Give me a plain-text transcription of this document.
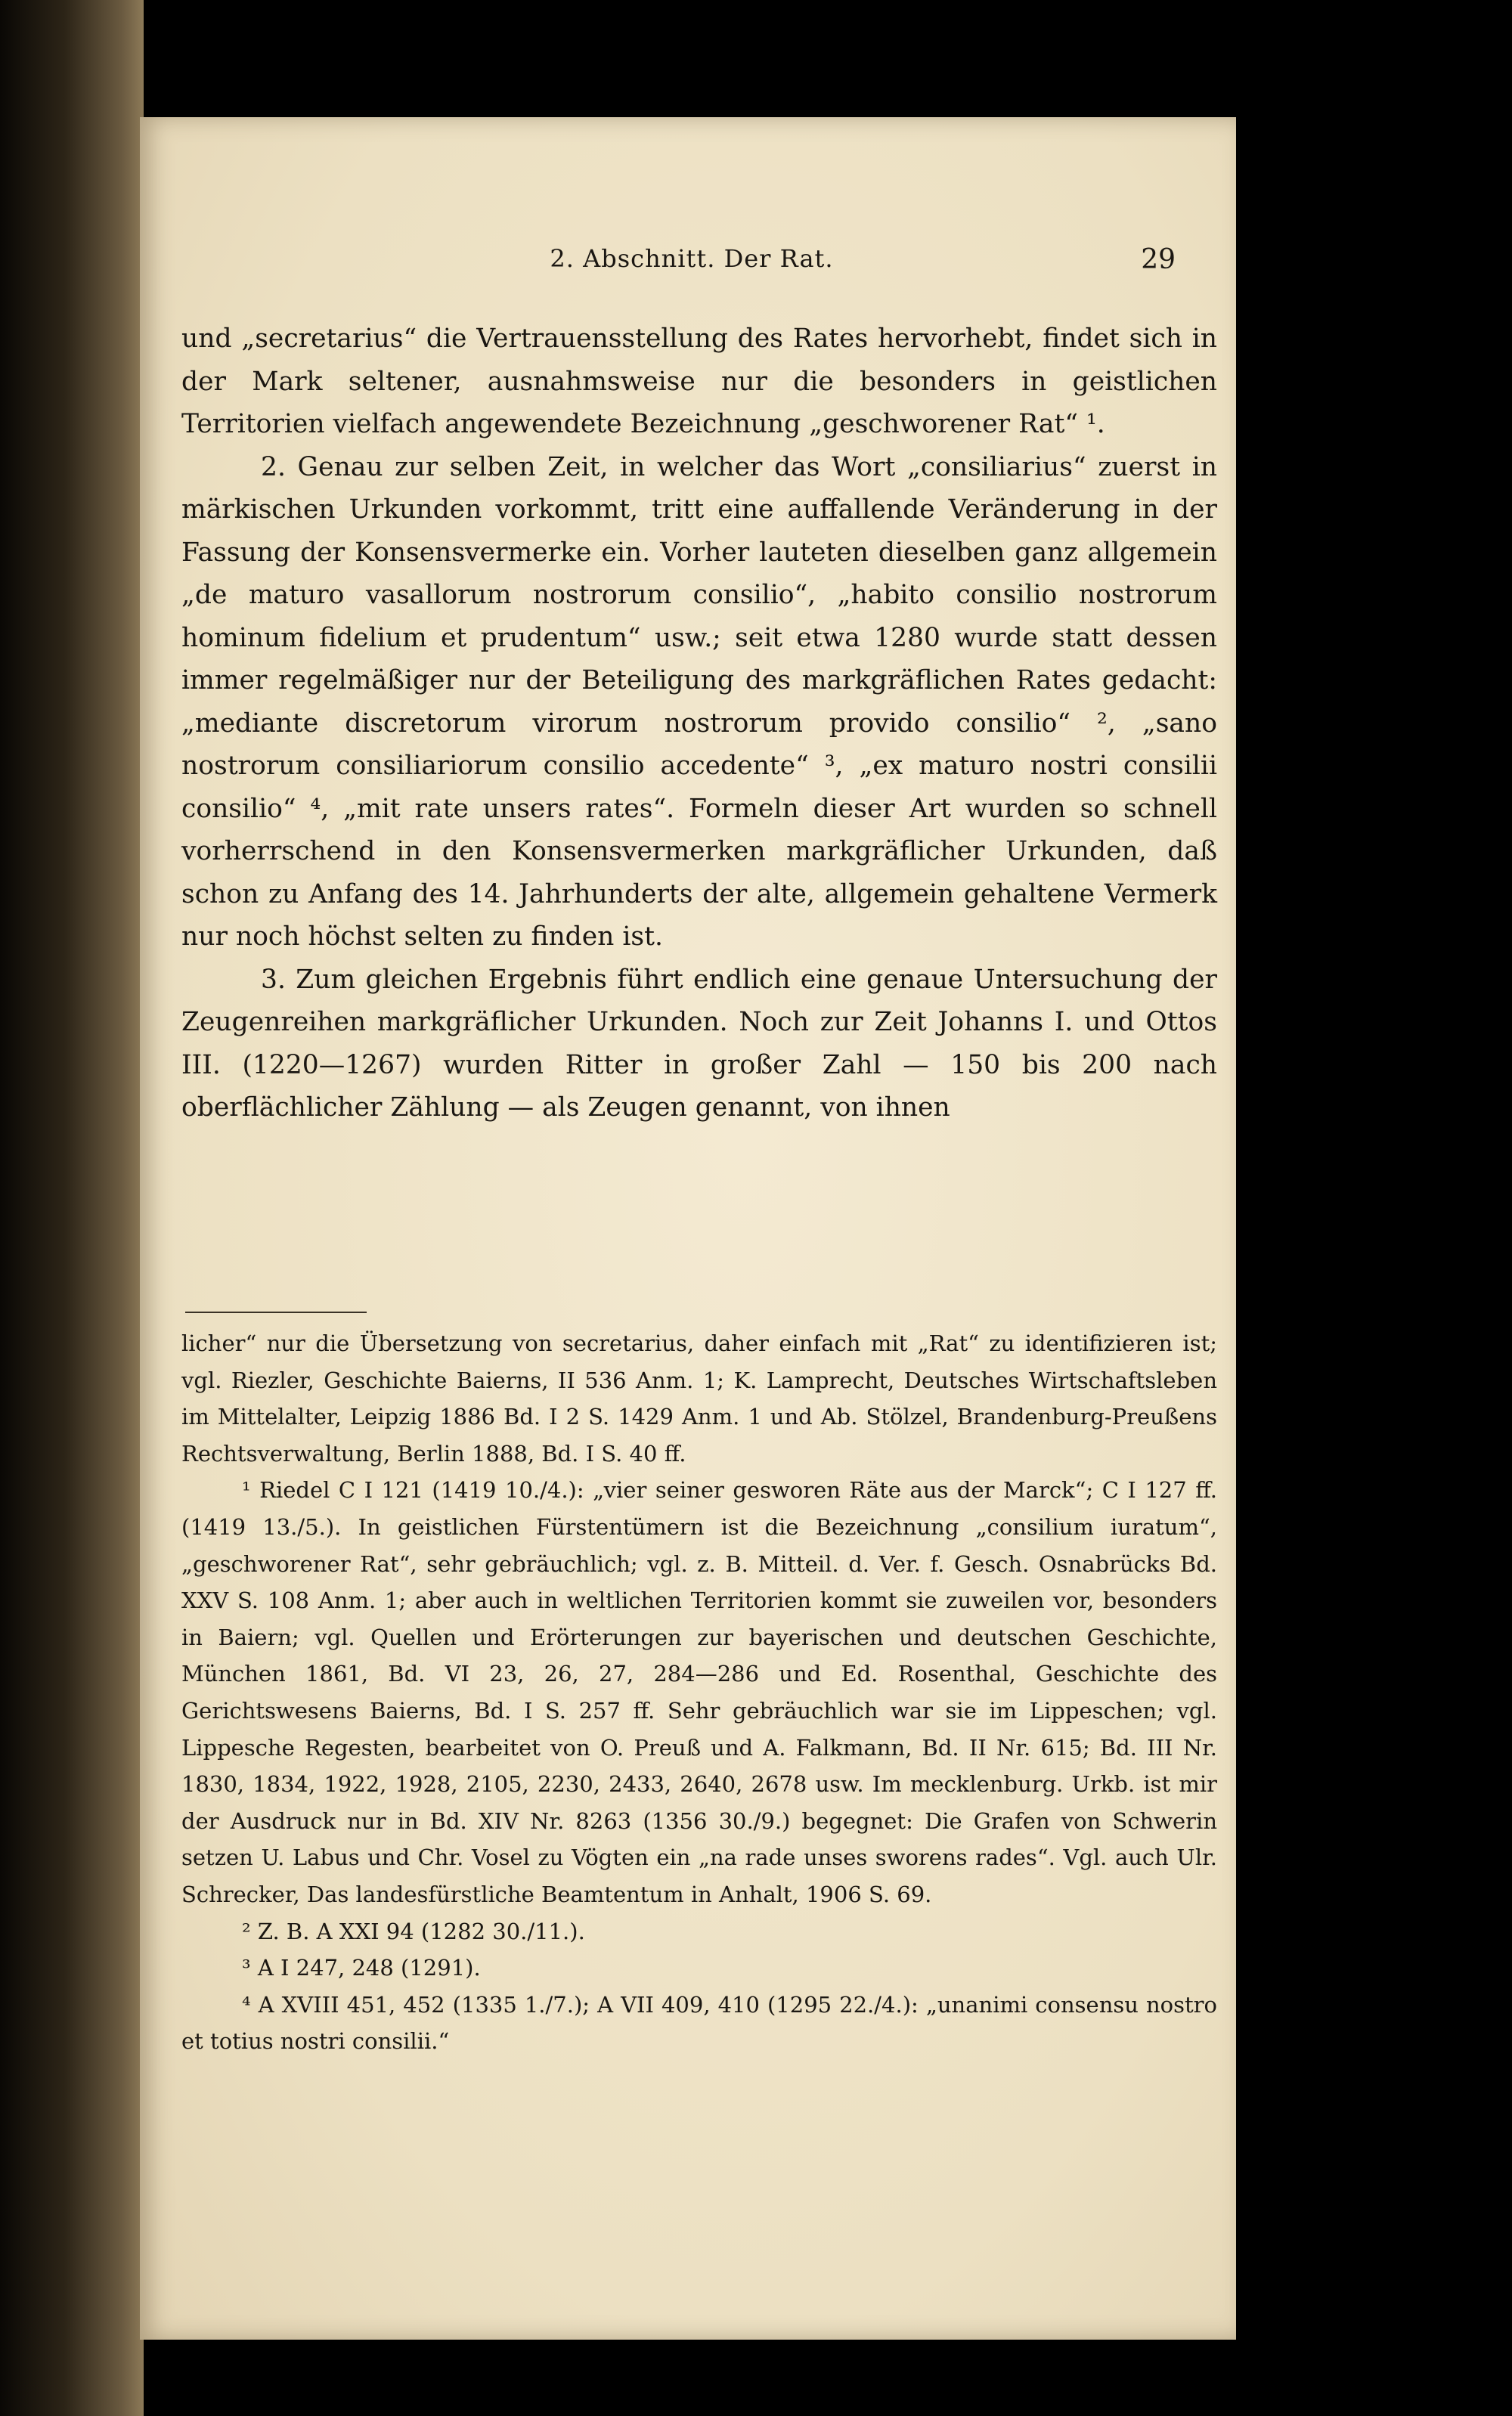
2. Abschnitt. Der Rat.	29

und „secretarius“ die Vertrauensstellung des Rates hervorhebt, findet sich in der Mark seltener, ausnahmsweise nur die besonders in geistlichen Territorien vielfach angewendete Bezeichnung „geschworener Rat“ ¹.

2. Genau zur selben Zeit, in welcher das Wort „consiliarius“ zuerst in märkischen Urkunden vorkommt, tritt eine auffallende Veränderung in der Fassung der Konsensvermerke ein. Vorher lauteten dieselben ganz allgemein „de maturo vasallorum nostrorum consilio“, „habito consilio nostrorum hominum fidelium et prudentum“ usw.; seit etwa 1280 wurde statt dessen immer regelmäßiger nur der Beteiligung des markgräflichen Rates gedacht: „mediante discretorum virorum nostrorum provido consilio“ ², „sano nostrorum consiliariorum consilio accedente“ ³, „ex maturo nostri consilii consilio“ ⁴, „mit rate unsers rates“. Formeln dieser Art wurden so schnell vorherrschend in den Konsensvermerken markgräflicher Urkunden, daß schon zu Anfang des 14. Jahrhunderts der alte, allgemein gehaltene Vermerk nur noch höchst selten zu finden ist.

3. Zum gleichen Ergebnis führt endlich eine genaue Untersuchung der Zeugenreihen markgräflicher Urkunden. Noch zur Zeit Johanns I. und Ottos III. (1220—1267) wurden Ritter in großer Zahl — 150 bis 200 nach oberflächlicher Zählung — als Zeugen genannt, von ihnen

licher“ nur die Übersetzung von secretarius, daher einfach mit „Rat“ zu identifizieren ist; vgl. Riezler, Geschichte Baierns, II 536 Anm. 1; K. Lamprecht, Deutsches Wirtschaftsleben im Mittelalter, Leipzig 1886 Bd. I 2 S. 1429 Anm. 1 und Ab. Stölzel, Brandenburg-Preußens Rechtsverwaltung, Berlin 1888, Bd. I S. 40 ff.

¹ Riedel C I 121 (1419 10./4.): „vier seiner gesworen Räte aus der Marck“; C I 127 ff. (1419 13./5.). In geistlichen Fürstentümern ist die Bezeichnung „consilium iuratum“, „geschworener Rat“, sehr gebräuchlich; vgl. z. B. Mitteil. d. Ver. f. Gesch. Osnabrücks Bd. XXV S. 108 Anm. 1; aber auch in weltlichen Territorien kommt sie zuweilen vor, besonders in Baiern; vgl. Quellen und Erörterungen zur bayerischen und deutschen Geschichte, München 1861, Bd. VI 23, 26, 27, 284—286 und Ed. Rosenthal, Geschichte des Gerichtswesens Baierns, Bd. I S. 257 ff. Sehr gebräuchlich war sie im Lippeschen; vgl. Lippesche Regesten, bearbeitet von O. Preuß und A. Falkmann, Bd. II Nr. 615; Bd. III Nr. 1830, 1834, 1922, 1928, 2105, 2230, 2433, 2640, 2678 usw. Im mecklenburg. Urkb. ist mir der Ausdruck nur in Bd. XIV Nr. 8263 (1356 30./9.) begegnet: Die Grafen von Schwerin setzen U. Labus und Chr. Vosel zu Vögten ein „na rade unses sworens rades“. Vgl. auch Ulr. Schrecker, Das landesfürstliche Beamtentum in Anhalt, 1906 S. 69.

² Z. B. A XXI 94 (1282 30./11.).

³ A I 247, 248 (1291).

⁴ A XVIII 451, 452 (1335 1./7.); A VII 409, 410 (1295 22./4.): „unanimi consensu nostro et totius nostri consilii.“
